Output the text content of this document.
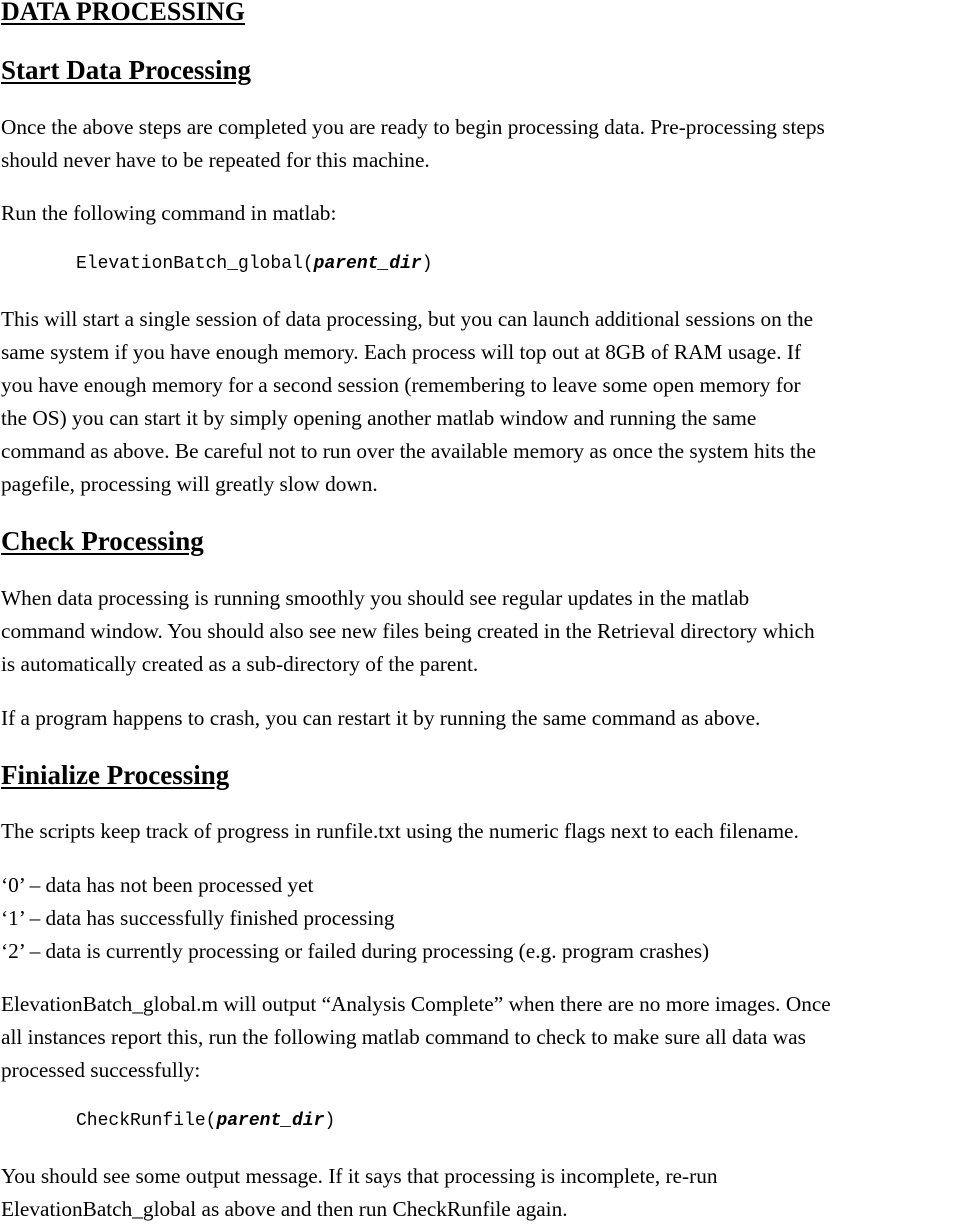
DATA PROCESSING
Start Data Processing
Once the above steps are completed you are ready to begin processing data. Pre-processing steps
should never have to be repeated for this machine.
Run the following command in matlab:
ElevationBatch_global(parent_dir)
This will start a single session of data processing, but you can launch additional sessions on the
same system if you have enough memory. Each process will top out at 8GB of RAM usage. If
you have enough memory for a second session (remembering to leave some open memory for
the OS) you can start it by simply opening another matlab window and running the same
command as above. Be careful not to run over the available memory as once the system hits the
pagefile, processing will greatly slow down.
Check Processing
When data processing is running smoothly you should see regular updates in the matlab
command window. You should also see new files being created in the Retrieval directory which
is automatically created as a sub-directory of the parent.
If a program happens to crash, you can restart it by running the same command as above.
Finialize Processing
The scripts keep track of progress in runfile.txt using the numeric flags next to each filename.
‘0’ – data has not been processed yet
‘1’ – data has successfully finished processing
‘2’ – data is currently processing or failed during processing (e.g. program crashes)
ElevationBatch_global.m will output “Analysis Complete” when there are no more images. Once
all instances report this, run the following matlab command to check to make sure all data was
processed successfully:
CheckRunfile(parent_dir)
You should see some output message. If it says that processing is incomplete, re-run
ElevationBatch_global as above and then run CheckRunfile again.
